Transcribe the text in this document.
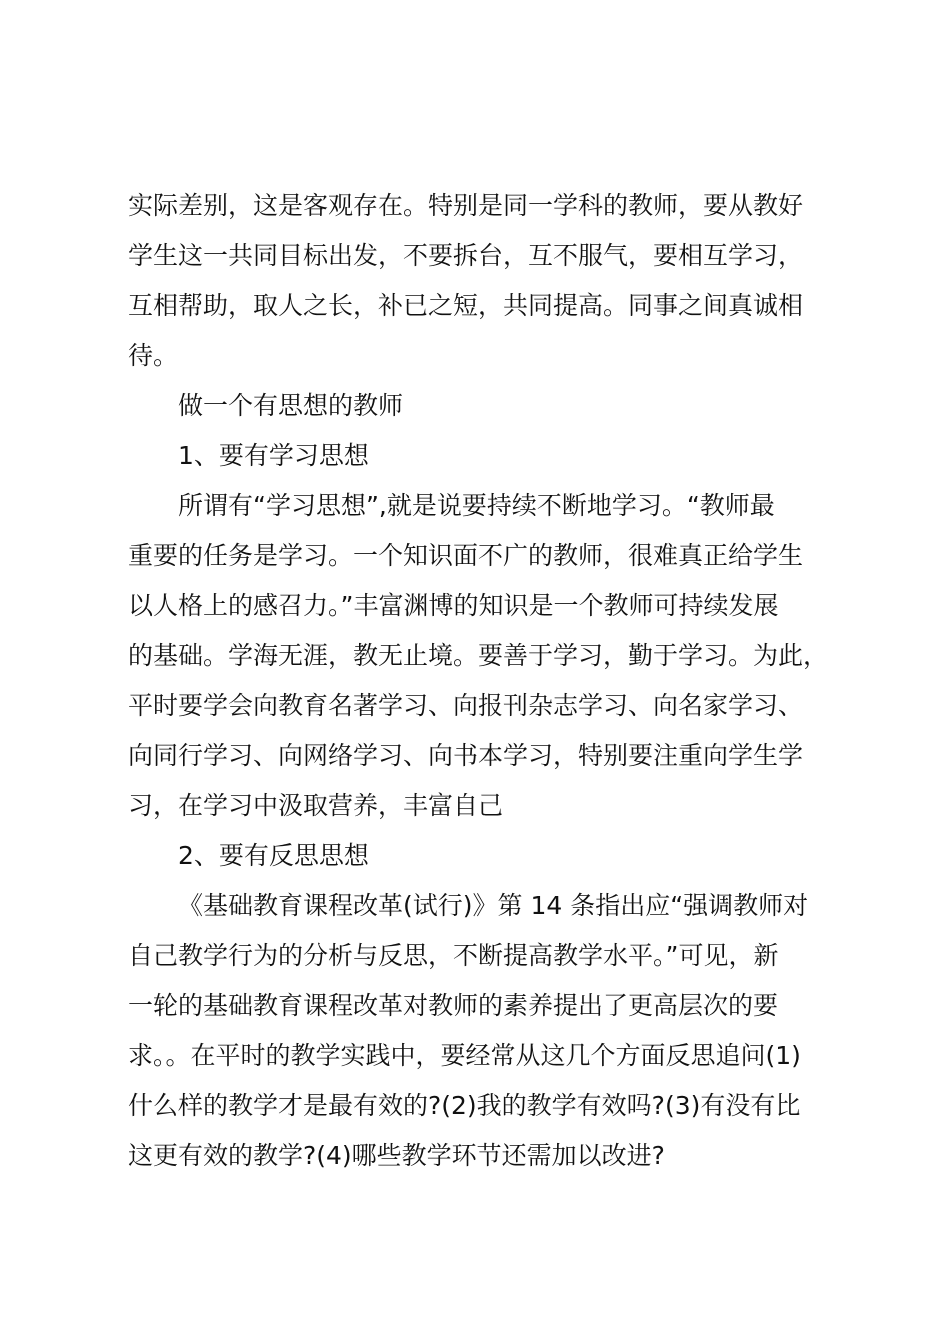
实际差别，这是客观存在。特别是同一学科的教师，要从教好
学生这一共同目标出发，不要拆台，互不服气，要相互学习，
互相帮助，取人之长，补已之短，共同提高。同事之间真诚相
待。
做一个有思想的教师
1、要有学习思想
所谓有“学习思想”,就是说要持续不断地学习。“教师最
重要的任务是学习。一个知识面不广的教师，很难真正给学生
以人格上的感召力。”丰富渊博的知识是一个教师可持续发展
的基础。学海无涯，教无止境。要善于学习，勤于学习。为此，
平时要学会向教育名著学习、向报刊杂志学习、向名家学习、
向同行学习、向网络学习、向书本学习，特别要注重向学生学
习，在学习中汲取营养，丰富自己
2、要有反思思想
《基础教育课程改革(试行)》第 14 条指出应“强调教师对
自己教学行为的分析与反思，不断提高教学水平。”可见，新
一轮的基础教育课程改革对教师的素养提出了更高层次的要
求。。在平时的教学实践中，要经常从这几个方面反思追问(1)
什么样的教学才是最有效的?(2)我的教学有效吗?(3)有没有比
这更有效的教学?(4)哪些教学环节还需加以改进?
